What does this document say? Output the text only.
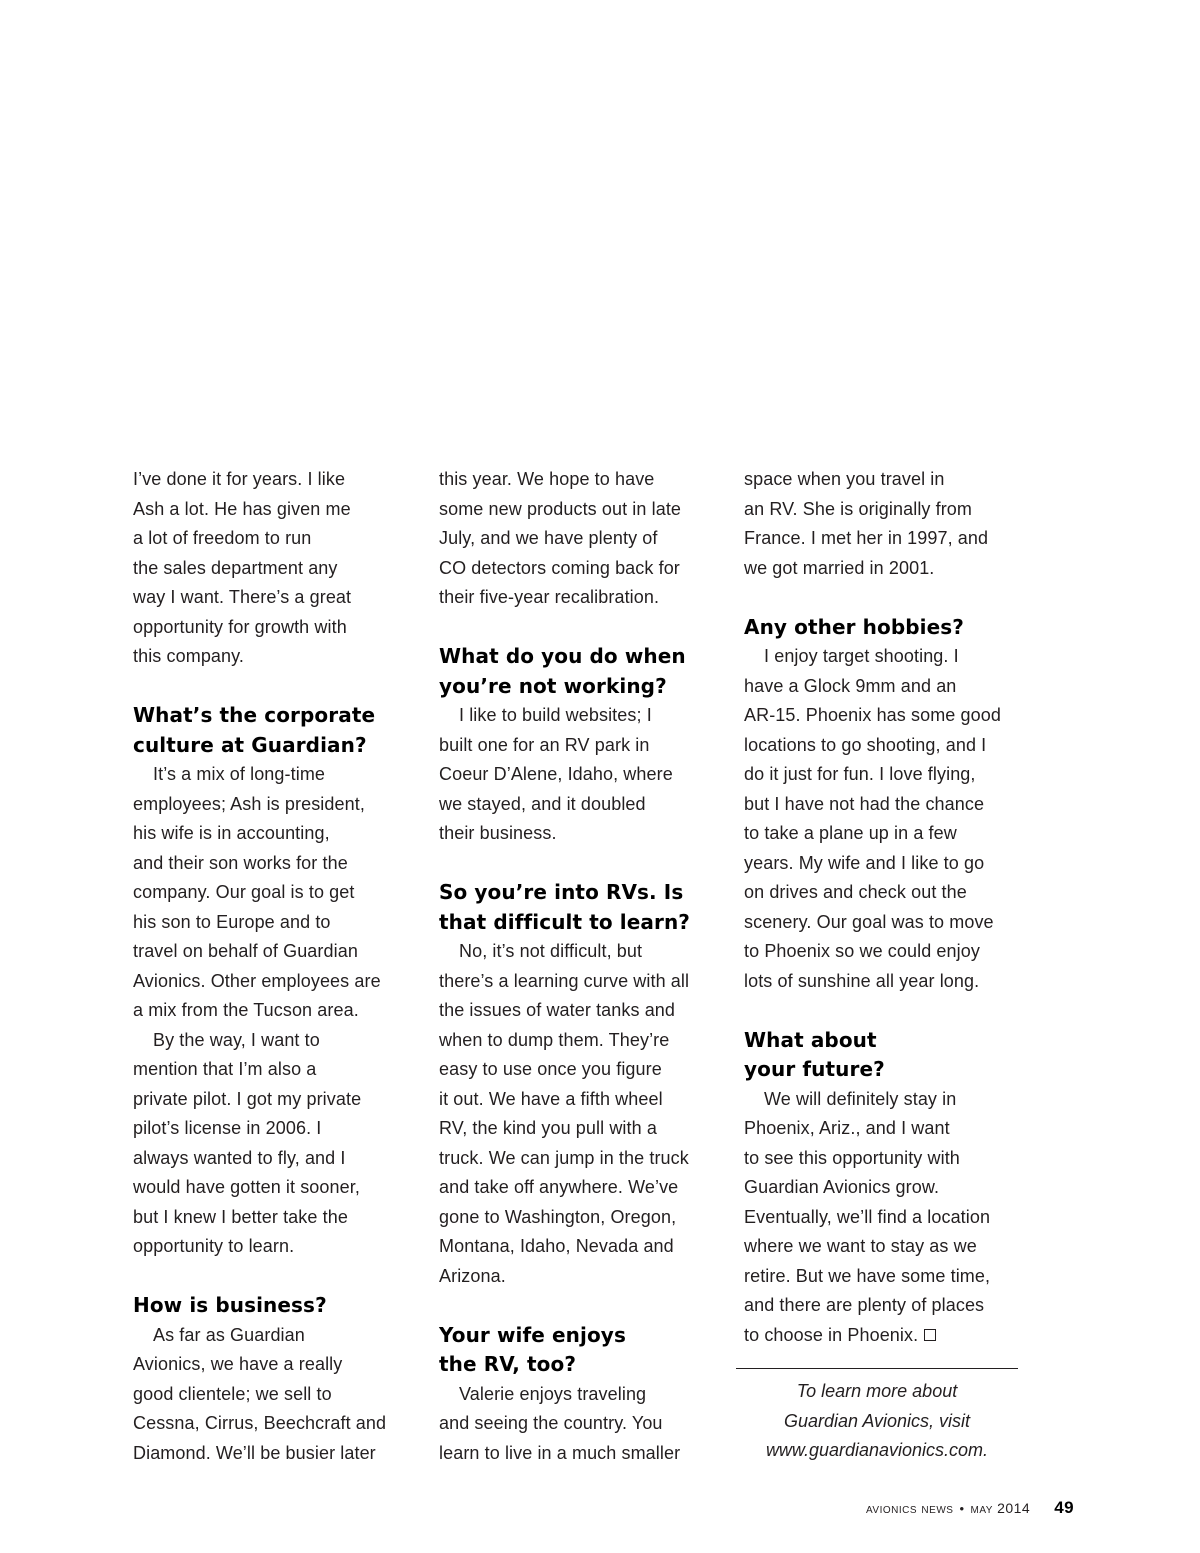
I’ve done it for years. I like
Ash a lot. He has given me
a lot of freedom to run
the sales department any
way I want. There’s a great
opportunity for growth with
this company.
What’s the corporate
culture at Guardian?
It’s a mix of long-time
employees; Ash is president,
his wife is in accounting,
and their son works for the
company. Our goal is to get
his son to Europe and to
travel on behalf of Guardian
Avionics. Other employees are
a mix from the Tucson area.
By the way, I want to
mention that I’m also a
private pilot. I got my private
pilot’s license in 2006. I
always wanted to fly, and I
would have gotten it sooner,
but I knew I better take the
opportunity to learn.
How is business?
As far as Guardian
Avionics, we have a really
good clientele; we sell to
Cessna, Cirrus, Beechcraft and
Diamond. We’ll be busier later
this year. We hope to have
some new products out in late
July, and we have plenty of
CO detectors coming back for
their five-year recalibration.
What do you do when
you’re not working?
I like to build websites; I
built one for an RV park in
Coeur D’Alene, Idaho, where
we stayed, and it doubled
their business.
So you’re into RVs. Is
that difficult to learn?
No, it’s not difficult, but
there’s a learning curve with all
the issues of water tanks and
when to dump them. They’re
easy to use once you figure
it out. We have a fifth wheel
RV, the kind you pull with a
truck. We can jump in the truck
and take off anywhere. We’ve
gone to Washington, Oregon,
Montana, Idaho, Nevada and
Arizona.
Your wife enjoys
the RV, too?
Valerie enjoys traveling
and seeing the country. You
learn to live in a much smaller
space when you travel in
an RV. She is originally from
France. I met her in 1997, and
we got married in 2001.
Any other hobbies?
I enjoy target shooting. I
have a Glock 9mm and an
AR-15. Phoenix has some good
locations to go shooting, and I
do it just for fun. I love flying,
but I have not had the chance
to take a plane up in a few
years. My wife and I like to go
on drives and check out the
scenery. Our goal was to move
to Phoenix so we could enjoy
lots of sunshine all year long.
What about
your future?
We will definitely stay in
Phoenix, Ariz., and I want
to see this opportunity with
Guardian Avionics grow.
Eventually, we’ll find a location
where we want to stay as we
retire. But we have some time,
and there are plenty of places
to choose in Phoenix.
To learn more about
Guardian Avionics, visit
www.guardianavionics.com.
avionics news • may 2014 49
